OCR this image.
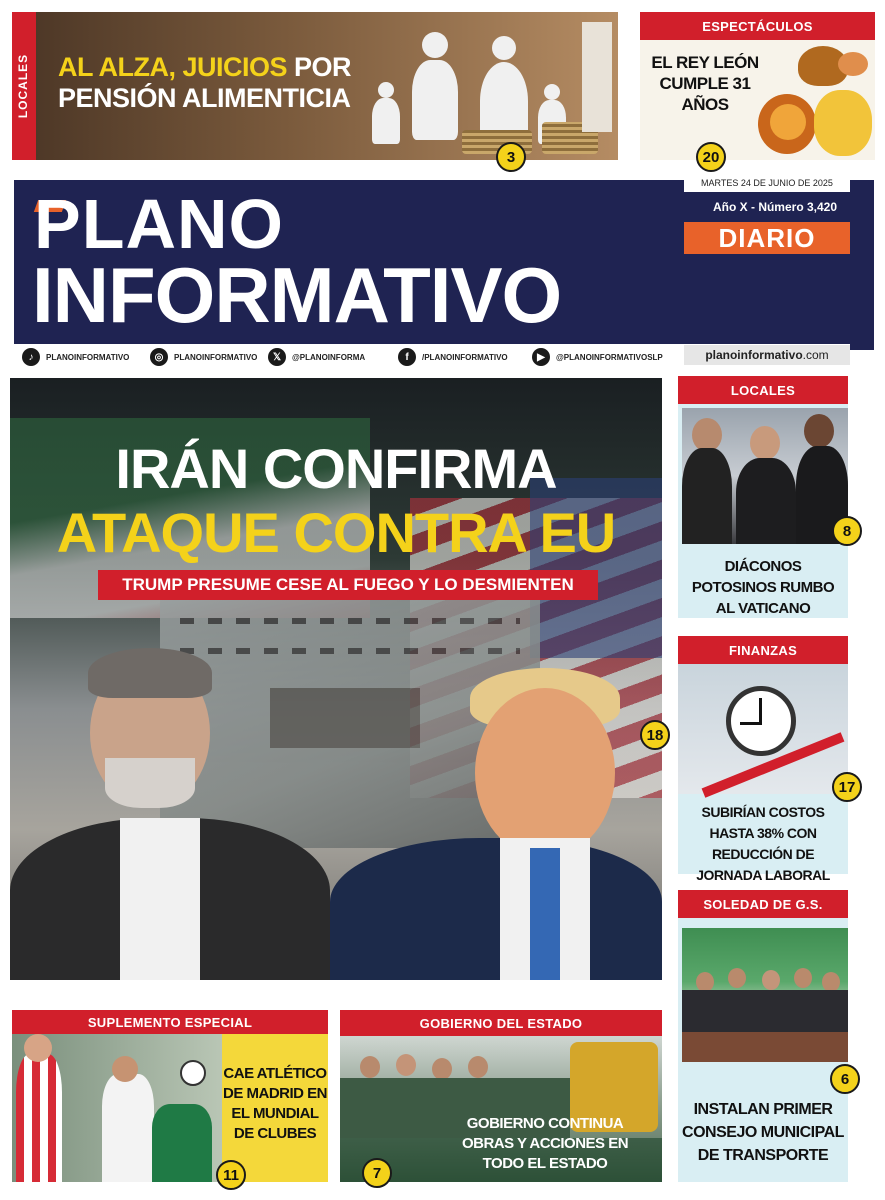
LOCALES AL ALZA, JUICIOS POR
PENSIÓN ALIMENTICIA
3
ESPECTÁCULOS
EL REY LEÓN CUMPLE 31 AÑOS
20
PLANO
INFORMATIVO
MARTES 24 DE JUNIO DE 2025
Año X - Número 3,420
DIARIO
♪	PLANOINFORMATIVO	◎	PLANOINFORMATIVO	𝕏	@PLANOINFORMA	f	/PLANOINFORMATIVO	▶	@PLANOINFORMATIVOSLP	planoinformativo.com
IRÁN CONFIRMA
ATAQUE CONTRA EU
TRUMP PRESUME CESE AL FUEGO Y LO DESMIENTEN
18
LOCALES
DIÁCONOS POTOSINOS RUMBO AL VATICANO
8
FINANZAS
SUBIRÍAN COSTOS HASTA 38% CON REDUCCIÓN DE JORNADA LABORAL
17
SOLEDAD DE G.S.
INSTALAN PRIMER CONSEJO MUNICIPAL DE TRANSPORTE
6
SUPLEMENTO ESPECIAL
CAE ATLÉTICO DE MADRID EN EL MUNDIAL DE CLUBES
11
GOBIERNO DEL ESTADO
GOBIERNO CONTINUA OBRAS Y ACCIONES EN TODO EL ESTADO
7
